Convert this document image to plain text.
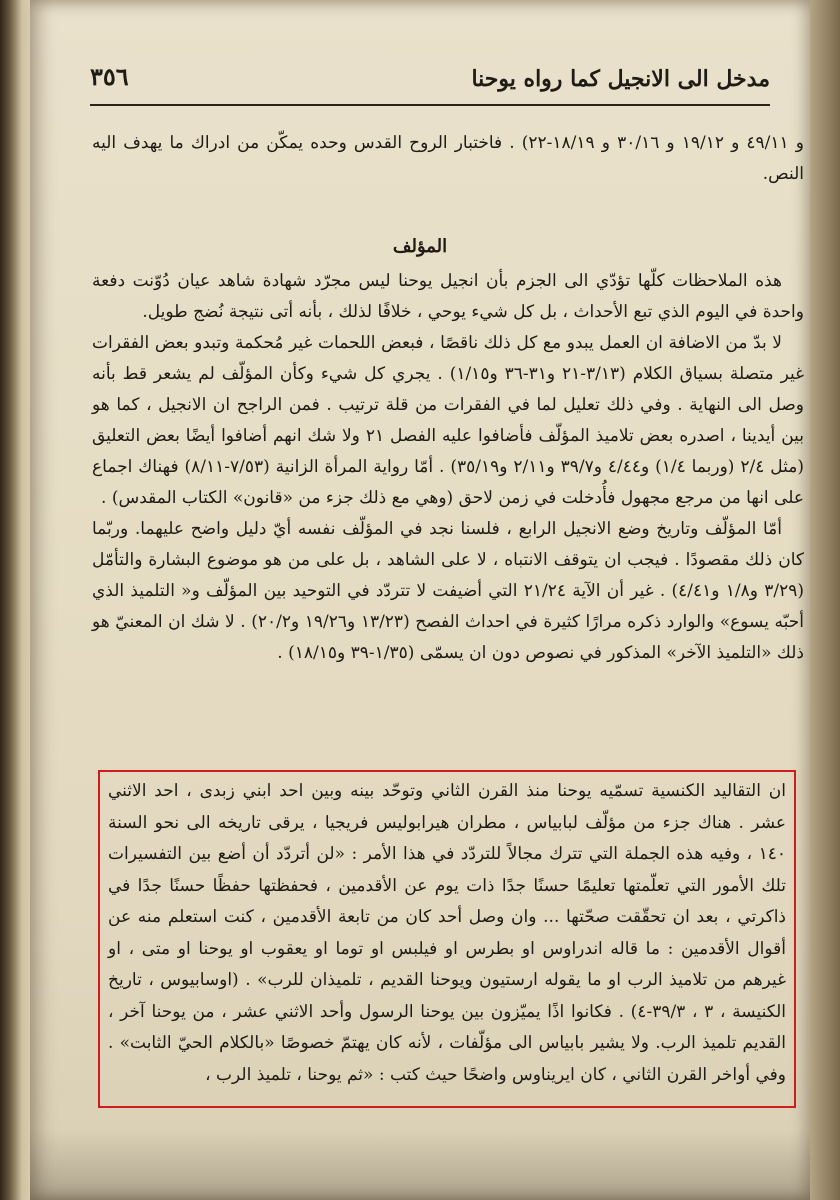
٣٥٦	مدخل الى الانجيل كما رواه يوحنا

و ٤٩/١١ و ١٩/١٢ و ٣٠/١٦ و ١٨/١٩-٢٢) . فاختبار الروح القدس وحده يمكّن من ادراك ما يهدف اليه النص.

المؤلف

هذه الملاحظات كلّها تؤدّي الى الجزم بأن انجيل يوحنا ليس مجرّد شهادة شاهد عيان دُوّنت دفعة واحدة في اليوم الذي تبع الأحداث ، بل كل شيء يوحي ، خلافًا لذلك ، بأنه أتى نتيجة نُضج طويل.

لا بدّ من الاضافة ان العمل يبدو مع كل ذلك ناقصًا ، فبعض اللحمات غير مُحكمة وتبدو بعض الفقرات غير متصلة بسياق الكلام (٣/١٣-٢١ و٣١-٣٦ و١/١٥) . يجري كل شيء وكأن المؤلّف لم يشعر قط بأنه وصل الى النهاية . وفي ذلك تعليل لما في الفقرات من قلة ترتيب . فمن الراجح ان الانجيل ، كما هو بين أيدينا ، اصدره بعض تلاميذ المؤلّف فأضافوا عليه الفصل ٢١ ولا شك انهم أضافوا أيضًا بعض التعليق (مثل ٢/٤ (وربما ١/٤) و٤/٤٤ و٣٩/٧ و٢/١١ و٣٥/١٩) . أمّا رواية المرأة الزانية (٧/٥٣-٨/١١) فهناك اجماع على انها من مرجع مجهول فأُدخلت في زمن لاحق (وهي مع ذلك جزء من «قانون» الكتاب المقدس) .

أمّا المؤلّف وتاريخ وضع الانجيل الرابع ، فلسنا نجد في المؤلّف نفسه أيّ دليل واضح عليهما. وربّما كان ذلك مقصودًا . فيجب ان يتوقف الانتباه ، لا على الشاهد ، بل على من هو موضوع البشارة والتأمّل (٣/٢٩ و١/٨ و٤/٤١) . غير أن الآية ٢١/٢٤ التي أضيفت لا تتردّد في التوحيد بين المؤلّف و« التلميذ الذي أحبّه يسوع» والوارد ذكره مرارًا كثيرة في احداث الفصح (١٣/٢٣ و١٩/٢٦ و٢٠/٢) . لا شك ان المعنيّ هو ذلك «التلميذ الآخر» المذكور في نصوص دون ان يسمّى (١/٣٥-٣٩ و١٨/١٥) .

ان التقاليد الكنسية تسمّيه يوحنا منذ القرن الثاني وتوحّد بينه وبين احد ابني زبدى ، احد الاثني عشر . هناك جزء من مؤلّف لبابياس ، مطران هيرابوليس فريجيا ، يرقى تاريخه الى نحو السنة ١٤٠ ، وفيه هذه الجملة التي تترك مجالاً للتردّد في هذا الأمر : «لن أتردّد أن أضع بين التفسيرات تلك الأمور التي تعلّمتها تعليمًا حسنًا جدًا ذات يوم عن الأقدمين ، فحفظتها حفظًا حسنًا جدًا في ذاكرتي ، بعد ان تحقّقت صحّتها ... وان وصل أحد كان من تابعة الأقدمين ، كنت استعلم منه عن أقوال الأقدمين : ما قاله اندراوس او بطرس او فيلبس او توما او يعقوب او يوحنا او متى ، او غيرهم من تلاميذ الرب او ما يقوله ارستيون ويوحنا القديم ، تلميذان للرب» . (اوسابيوس ، تاريخ الكنيسة ، ٣ ، ٣٩/٣-٤) . فكانوا اذًا يميّزون بين يوحنا الرسول وأحد الاثني عشر ، من يوحنا آخر ، القديم تلميذ الرب. ولا يشير بابياس الى مؤلّفات ، لأنه كان يهتمّ خصوصًا «بالكلام الحيّ الثابت» . وفي أواخر القرن الثاني ، كان ايريناوس واضحًا حيث كتب : «ثم يوحنا ، تلميذ الرب ،
